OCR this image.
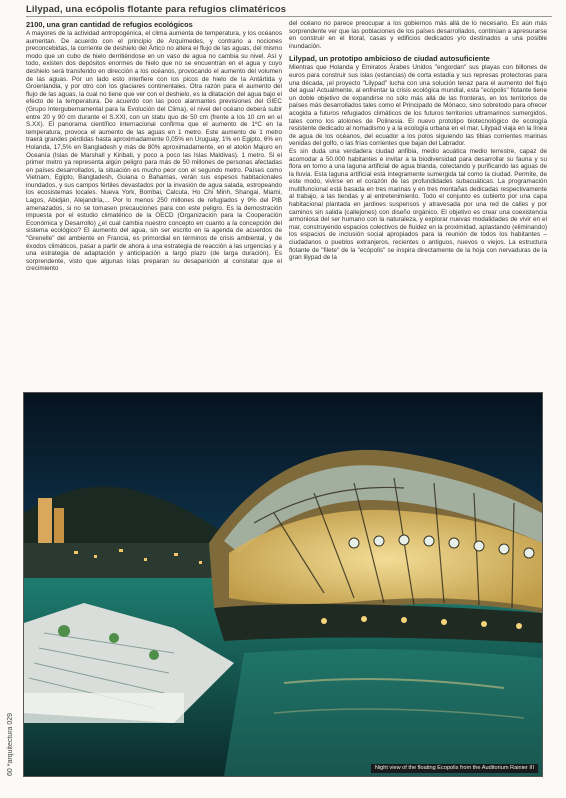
Lilypad, una ecópolis flotante para refugios climatéricos
2100, una gran cantidad de refugios ecológicos

A mayores de la actividad antropogénica, el clima aumenta de temperatura, y los océanos aumentan. De acuerdo con el principio de Arquímedes, y contrario a nociones preconcebidas, la corriente de deshielo del Ártico no altera el flujo de las aguas, del mismo modo que un cubo de hielo derritiéndose en un vaso de agua no cambia su nivel. Así y todo, existen dos depósitos enormes de hielo que no se encuentran en el agua y cuyo deshielo será transferido en dirección a los océanos, provocando el aumento del volumen de las aguas. Por un lado esto interfiere con los picos de hielo de la Antártida y Groenlandia, y por otro con los glaciares continentales. Otra razón para el aumento del flujo de las aguas, la cual no tiene que ver con el deshielo, es la dilatación del agua bajo el efecto de la temperatura. De acuerdo con las poco alarmantes previsiones del GIEC (Grupo Intergubernamental para la Evolución del Clima), el nivel del océano deberá subir entre 20 y 90 cm durante el S.XXI, con un statu quo de 50 cm (frente a los 10 cm en el S.XX). El panorama científico internacional confirma que el aumento de 1ºC en la temperatura, provoca el aumento de las aguas en 1 metro. Este aumento de 1 metro traerá grandes pérdidas hasta aproximadamente 0,05% en Uruguay, 1% en Egipto, 6% en Holanda, 17,5% en Bangladesh y más de 80% aproximadamente, en el atolón Majuro en Oceanía (Islas de Marshall y Kiribati, y poco a poco las Islas Maldivas). 1 metro. Si el primer metro ya representa algún peligro para más de 50 millones de personas afectadas en países desarrollados, la situación es mucho peor con el segundo metro. Países como Vietnam, Egipto, Bangladesh, Guiana o Bahamas, verán sus espesos habitacionales inundados, y sus campos fértiles devastados por la invasión de agua salada, estropeando los ecosistemas locales. Nueva York, Bombai, Calcuta, Ho Chi Minh, Shangai, Miami, Lagos, Abidján, Alejandría,... Por lo menos 250 millones de refugiados y 9% del PIB amenazados, si no se tomasen precauciones para con este peligro. Es la demostración impuesta por el estudio climatérico de la OECD (Organización para la Cooperación Económica y Desarrollo) ¿el cual cambia nuestro concepto en cuanto a la concepción del sistema ecológico? El aumento del agua, sin ser escrito en la agenda de acuerdos de "Grenelle" del ambiente en Francia, es primordial en términos de crisis ambiental, y de éxodos climáticos, pasar a partir de ahora a una estrategia de reacción a las urgencias y a una estrategia de adaptación y anticipación a largo plazo (de larga duración). Es sorprendente, visto que algunas islas preparan su desaparición al constatar que el crecimiento

del océano no parece preocupar a los gobiernos más allá de lo necesario. Es aún más sorprendente ver que las poblaciones de los países desarrollados, continúan a apresurarse en construir en el litoral, casas y edificios dedicados y/o destinados a una posible inundación.

Lilypad, un prototipo ambicioso de ciudad autosuficiente

Mientras que Holanda y Emiratos Árabes Unidos "engordan" sus playas con billones de euros para construir sus islas (estancias) de corta estadía y sus represas protectoras para una década, ¡el proyecto "Lilypad" lucha con una solución tenaz para el aumento del flujo del agua! Actualmente, al enfrentar la crisis ecológica mundial, esta "ecópolis" flotante tiene un doble objetivo de expandirse no sólo más allá de las fronteras, en los territorios de países más desarrollados tales como el Principado de Mónaco, sino sobretodo para ofrecer acogida a futuros refugiados climáticos de los futuros territorios ultramarinos sumergidos, tales como los atolones de Polinesia. El nuevo prototipo biotecnológico de ecología resistente dedicado al nomadismo y a la ecología urbana en el mar, Lilypad viaja en la línea de agua de los océanos, del ecuador a los polos siguiendo las tibias corrientes marinas venidas del golfo, o las frías corrientes que bajan del Labrador.

Es sin duda una verdadera ciudad anfibia, medio acuática medio terrestre, capaz de acomodar a 50.000 habitantes e invitar a la biodiversidad para desarrollar su fauna y su flora en torno a una laguna artificial de agua blanda, colectando y purificando las aguas de la lluvia. Esta laguna artificial está íntegramente sumergida tal como la ciudad. Permite, de este modo, vivirse en el corazón de las profundidades subacuáticas. La programación multifuncional está basada en tres marinas y en tres montañas dedicadas respectivamente al trabajo, a las tiendas y al entretenimiento. Todo el conjunto es cubierto por una capa habitacional plantada en jardines suspensos y atravesada por una red de calles y por caminos sin salida (callejones) con diseño orgánico. El objetivo es crear una coexistencia armoniosa del ser humano con la naturaleza, y explorar nuevas modalidades de vivir en el mar, construyendo espacios colectivos de fluidez en la proximidad, aplastando (eliminando) los espacios de inclusión social apropiados para la reunión de todos los habitantes – ciudadanos o pueblos extranjeros, recientes o antiguos, nuevos o viejos. La estructura flotante de "filete" de la "ecópolis" se inspira directamente de la hoja con nervaduras de la gran lilypad de la

Night view of the floating Ecopolis from the Auditorium Rainier III
60 *arquitectura 029
